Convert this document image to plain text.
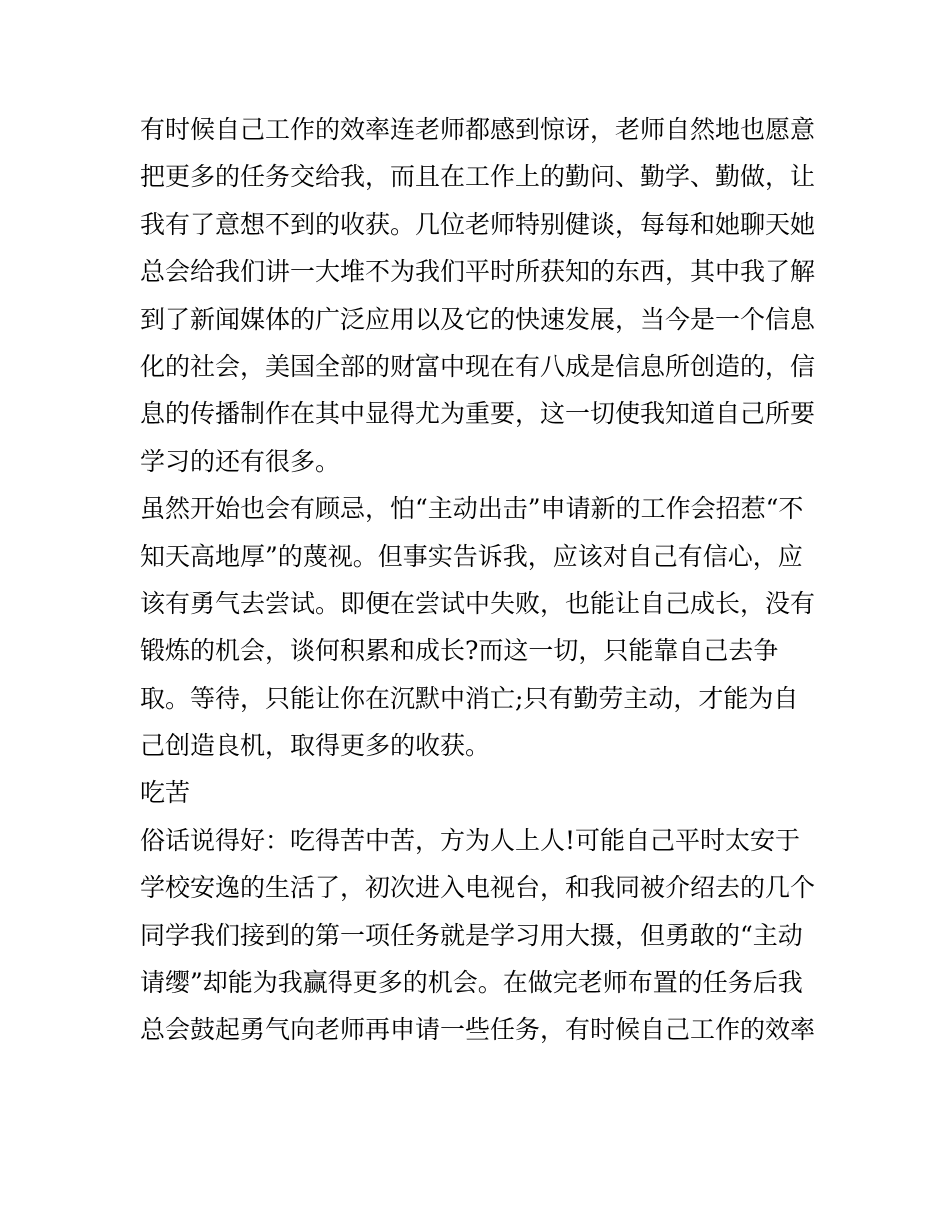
有时候自己工作的效率连老师都感到惊讶，老师自然地也愿意
把更多的任务交给我，而且在工作上的勤问、勤学、勤做，让
我有了意想不到的收获。几位老师特别健谈，每每和她聊天她
总会给我们讲一大堆不为我们平时所获知的东西，其中我了解
到了新闻媒体的广泛应用以及它的快速发展，当今是一个信息
化的社会，美国全部的财富中现在有八成是信息所创造的，信
息的传播制作在其中显得尤为重要，这一切使我知道自己所要
学习的还有很多。
虽然开始也会有顾忌，怕“主动出击”申请新的工作会招惹“不
知天高地厚”的蔑视。但事实告诉我，应该对自己有信心，应
该有勇气去尝试。即便在尝试中失败，也能让自己成长，没有
锻炼的机会，谈何积累和成长?而这一切，只能靠自己去争
取。等待，只能让你在沉默中消亡;只有勤劳主动，才能为自
己创造良机，取得更多的收获。
吃苦
俗话说得好：吃得苦中苦，方为人上人!可能自己平时太安于
学校安逸的生活了，初次进入电视台，和我同被介绍去的几个
同学我们接到的第一项任务就是学习用大摄，但勇敢的“主动
请缨”却能为我赢得更多的机会。在做完老师布置的任务后我
总会鼓起勇气向老师再申请一些任务，有时候自己工作的效率
